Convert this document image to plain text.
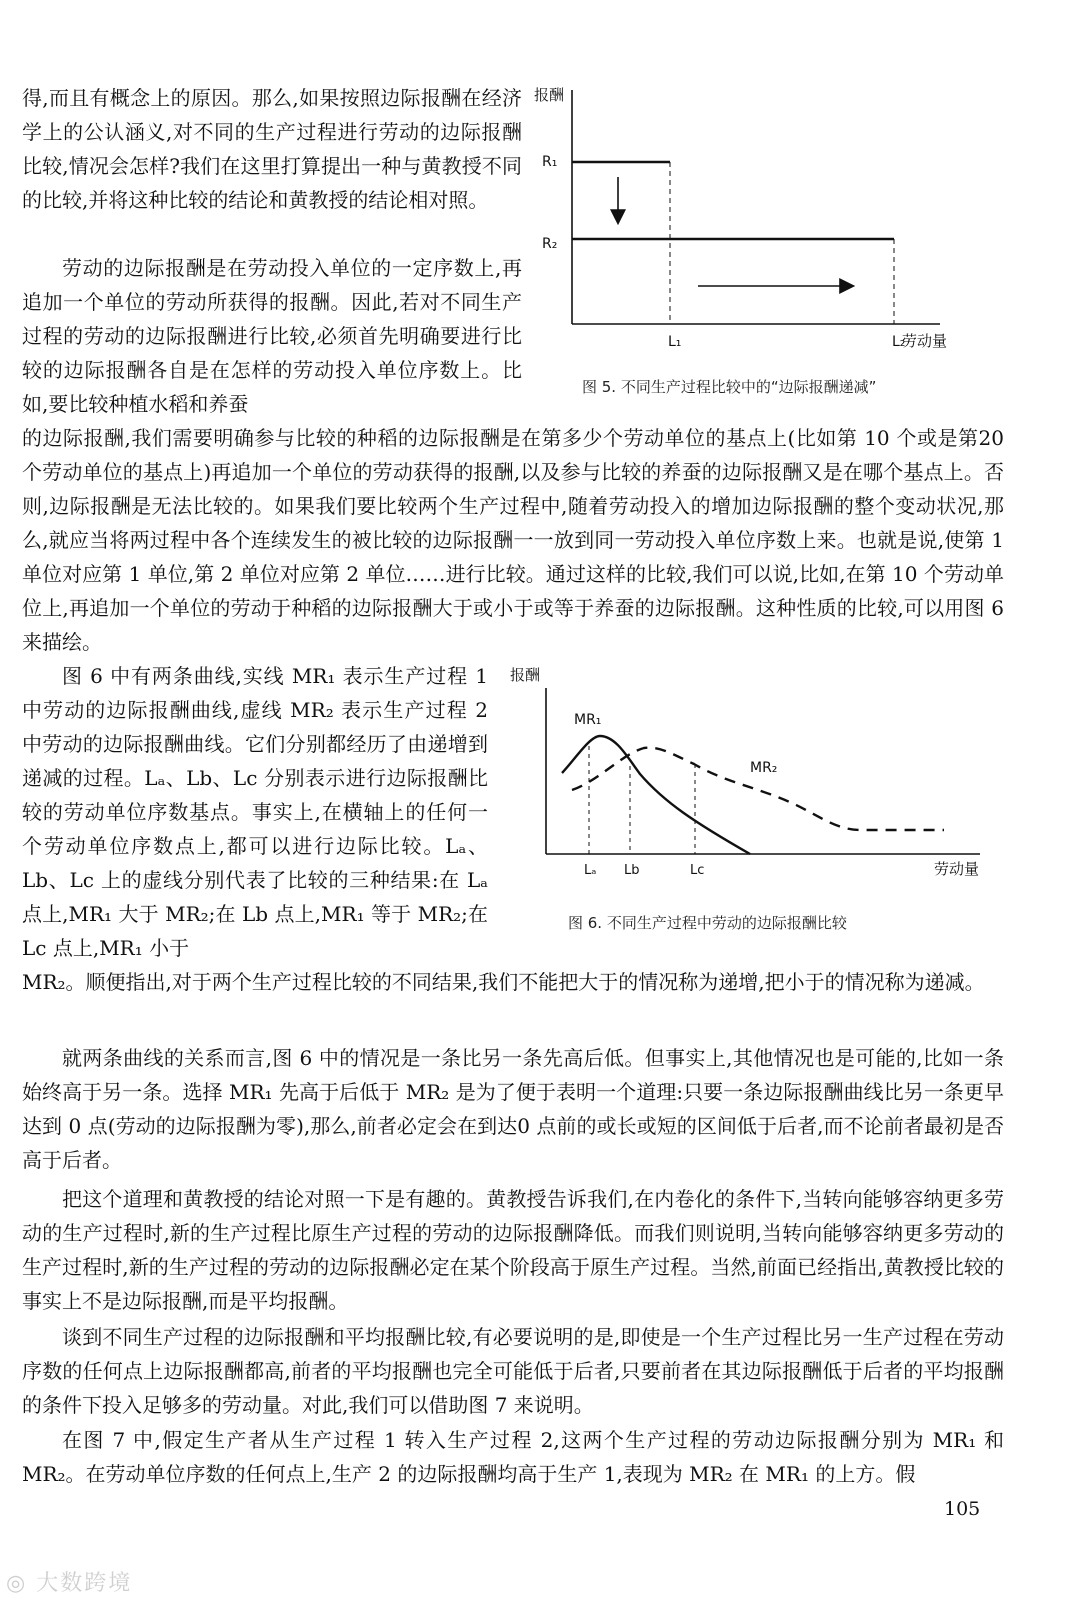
得,而且有概念上的原因。那么,如果按照边际报酬在经济学上的公认涵义,对不同的生产过程进行劳动的边际报酬比较,情况会怎样?我们在这里打算提出一种与黄教授不同的比较,并将这种比较的结论和黄教授的结论相对照。

劳动的边际报酬是在劳动投入单位的一定序数上,再追加一个单位的劳动所获得的报酬。因此,若对不同生产过程的劳动的边际报酬进行比较,必须首先明确要进行比较的边际报酬各自是在怎样的劳动投入单位序数上。比如,要比较种植水稻和养蚕

的边际报酬,我们需要明确参与比较的种稻的边际报酬是在第多少个劳动单位的基点上(比如第 10 个或是第20 个劳动单位的基点上)再追加一个单位的劳动获得的报酬,以及参与比较的养蚕的边际报酬又是在哪个基点上。否则,边际报酬是无法比较的。如果我们要比较两个生产过程中,随着劳动投入的增加边际报酬的整个变动状况,那么,就应当将两过程中各个连续发生的被比较的边际报酬一一放到同一劳动投入单位序数上来。也就是说,使第 1 单位对应第 1 单位,第 2 单位对应第 2 单位……进行比较。通过这样的比较,我们可以说,比如,在第 10 个劳动单位上,再追加一个单位的劳动于种稻的边际报酬大于或小于或等于养蚕的边际报酬。这种性质的比较,可以用图 6 来描绘。

报酬
R₁
R₂
L₁	L₂
劳动量
图 5. 不同生产过程比较中的“边际报酬递减”

图 6 中有两条曲线,实线 MR₁ 表示生产过程 1 中劳动的边际报酬曲线,虚线 MR₂ 表示生产过程 2 中劳动的边际报酬曲线。它们分别都经历了由递增到递减的过程。Lₐ、Lb、Lc 分别表示进行边际报酬比较的劳动单位序数基点。事实上,在横轴上的任何一个劳动单位序数点上,都可以进行边际比较。Lₐ、Lb、Lc 上的虚线分别代表了比较的三种结果:在 Lₐ 点上,MR₁ 大于 MR₂;在 Lb 点上,MR₁ 等于 MR₂;在 Lc 点上,MR₁ 小于

MR₂。顺便指出,对于两个生产过程比较的不同结果,我们不能把大于的情况称为递增,把小于的情况称为递减。

报酬
MR₁
MR₂
Lₐ Lb	Lc	劳动量
图 6. 不同生产过程中劳动的边际报酬比较

就两条曲线的关系而言,图 6 中的情况是一条比另一条先高后低。但事实上,其他情况也是可能的,比如一条始终高于另一条。选择 MR₁ 先高于后低于 MR₂ 是为了便于表明一个道理:只要一条边际报酬曲线比另一条更早达到 0 点(劳动的边际报酬为零),那么,前者必定会在到达0 点前的或长或短的区间低于后者,而不论前者最初是否高于后者。

把这个道理和黄教授的结论对照一下是有趣的。黄教授告诉我们,在内卷化的条件下,当转向能够容纳更多劳动的生产过程时,新的生产过程比原生产过程的劳动的边际报酬降低。而我们则说明,当转向能够容纳更多劳动的生产过程时,新的生产过程的劳动的边际报酬必定在某个阶段高于原生产过程。当然,前面已经指出,黄教授比较的事实上不是边际报酬,而是平均报酬。

谈到不同生产过程的边际报酬和平均报酬比较,有必要说明的是,即使是一个生产过程比另一生产过程在劳动序数的任何点上边际报酬都高,前者的平均报酬也完全可能低于后者,只要前者在其边际报酬低于后者的平均报酬的条件下投入足够多的劳动量。对此,我们可以借助图 7 来说明。

在图 7 中,假定生产者从生产过程 1 转入生产过程 2,这两个生产过程的劳动边际报酬分别为 MR₁ 和 MR₂。在劳动单位序数的任何点上,生产 2 的边际报酬均高于生产 1,表现为 MR₂ 在 MR₁ 的上方。假

105
◎ 大数跨境
